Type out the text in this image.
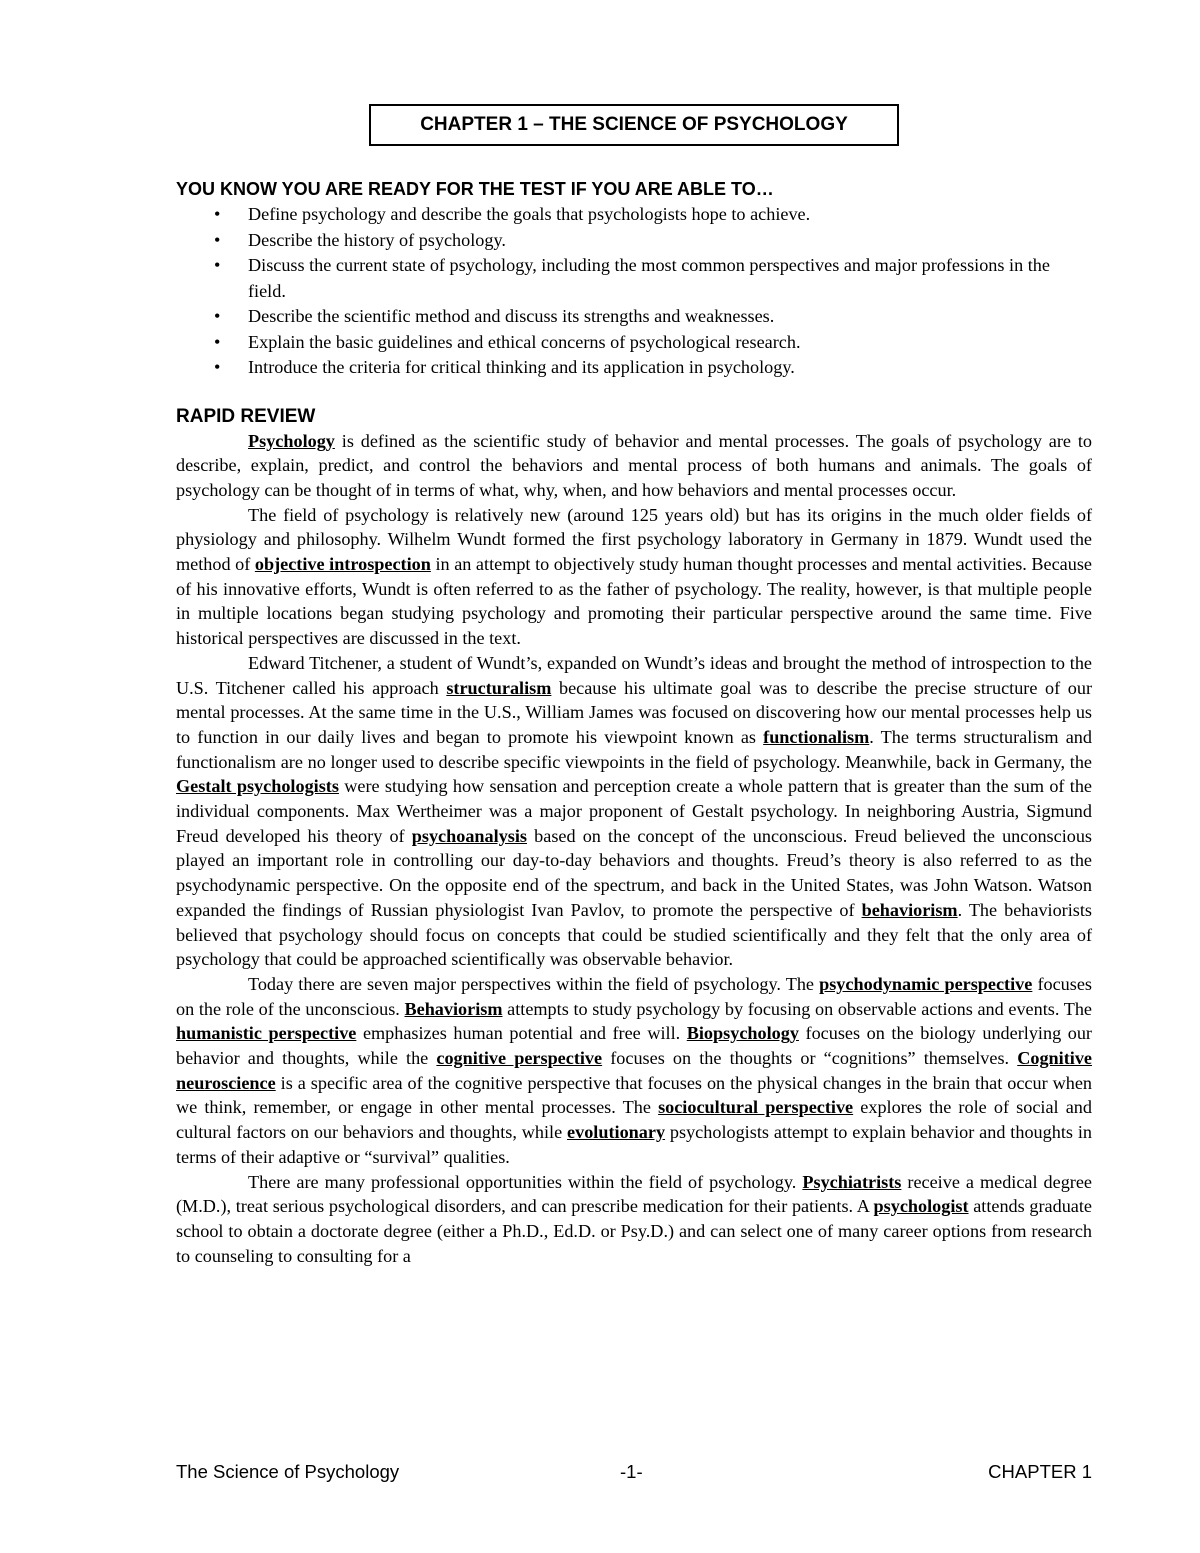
CHAPTER 1 – THE SCIENCE OF PSYCHOLOGY
YOU KNOW YOU ARE READY FOR THE TEST IF YOU ARE ABLE TO…
• Define psychology and describe the goals that psychologists hope to achieve.
• Describe the history of psychology.
• Discuss the current state of psychology, including the most common perspectives and major professions in the field.
• Describe the scientific method and discuss its strengths and weaknesses.
• Explain the basic guidelines and ethical concerns of psychological research.
• Introduce the criteria for critical thinking and its application in psychology.
RAPID REVIEW

Psychology is defined as the scientific study of behavior and mental processes. The goals of psychology are to describe, explain, predict, and control the behaviors and mental process of both humans and animals. The goals of psychology can be thought of in terms of what, why, when, and how behaviors and mental processes occur.

The field of psychology is relatively new (around 125 years old) but has its origins in the much older fields of physiology and philosophy. Wilhelm Wundt formed the first psychology laboratory in Germany in 1879. Wundt used the method of objective introspection in an attempt to objectively study human thought processes and mental activities. Because of his innovative efforts, Wundt is often referred to as the father of psychology. The reality, however, is that multiple people in multiple locations began studying psychology and promoting their particular perspective around the same time. Five historical perspectives are discussed in the text.

Edward Titchener, a student of Wundt’s, expanded on Wundt’s ideas and brought the method of introspection to the U.S. Titchener called his approach structuralism because his ultimate goal was to describe the precise structure of our mental processes. At the same time in the U.S., William James was focused on discovering how our mental processes help us to function in our daily lives and began to promote his viewpoint known as functionalism. The terms structuralism and functionalism are no longer used to describe specific viewpoints in the field of psychology. Meanwhile, back in Germany, the Gestalt psychologists were studying how sensation and perception create a whole pattern that is greater than the sum of the individual components. Max Wertheimer was a major proponent of Gestalt psychology. In neighboring Austria, Sigmund Freud developed his theory of psychoanalysis based on the concept of the unconscious. Freud believed the unconscious played an important role in controlling our day-to-day behaviors and thoughts. Freud’s theory is also referred to as the psychodynamic perspective. On the opposite end of the spectrum, and back in the United States, was John Watson. Watson expanded the findings of Russian physiologist Ivan Pavlov, to promote the perspective of behaviorism. The behaviorists believed that psychology should focus on concepts that could be studied scientifically and they felt that the only area of psychology that could be approached scientifically was observable behavior.

Today there are seven major perspectives within the field of psychology. The psychodynamic perspective focuses on the role of the unconscious. Behaviorism attempts to study psychology by focusing on observable actions and events. The humanistic perspective emphasizes human potential and free will. Biopsychology focuses on the biology underlying our behavior and thoughts, while the cognitive perspective focuses on the thoughts or “cognitions” themselves. Cognitive neuroscience is a specific area of the cognitive perspective that focuses on the physical changes in the brain that occur when we think, remember, or engage in other mental processes. The sociocultural perspective explores the role of social and cultural factors on our behaviors and thoughts, while evolutionary psychologists attempt to explain behavior and thoughts in terms of their adaptive or “survival” qualities.

There are many professional opportunities within the field of psychology. Psychiatrists receive a medical degree (M.D.), treat serious psychological disorders, and can prescribe medication for their patients. A psychologist attends graduate school to obtain a doctorate degree (either a Ph.D., Ed.D. or Psy.D.) and can select one of many career options from research to counseling to consulting for a

The Science of Psychology	-1-	CHAPTER 1
